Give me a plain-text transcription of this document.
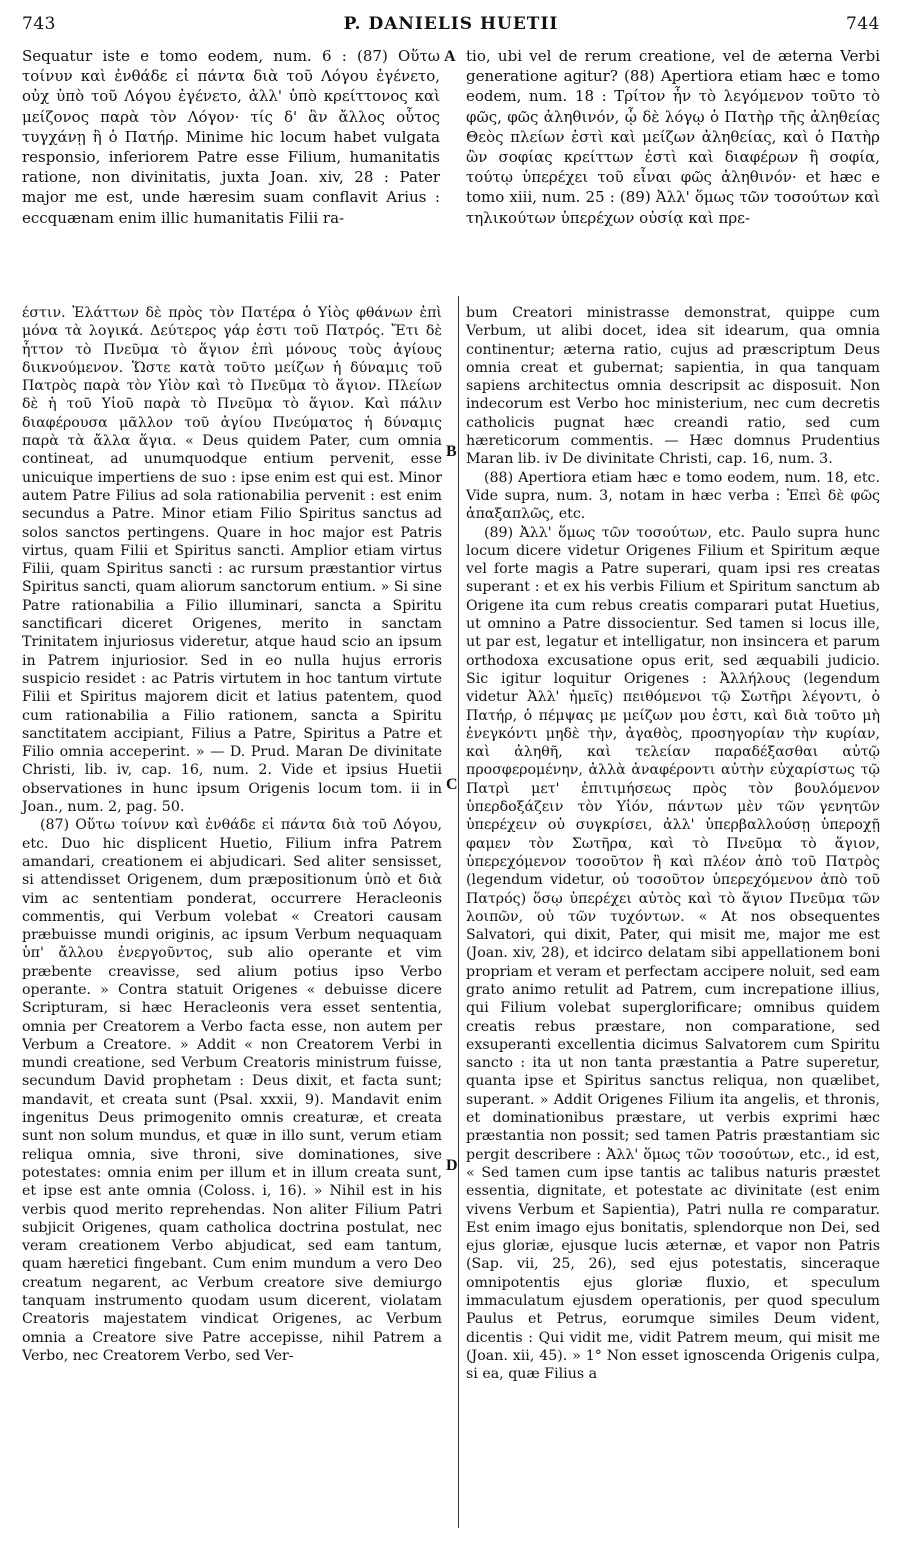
743	P. DANIELIS HUETII	744

Sequatur iste e tomo eodem, num. 6 : (87) Οὕτω τοίνυν καὶ ἐνθάδε εἰ πάντα διὰ τοῦ Λόγου ἐγένετο, οὐχ ὑπὸ τοῦ Λόγου ἐγένετο, ἀλλ' ὑπὸ κρείττονος καὶ μείζονος παρὰ τὸν Λόγον· τίς δ' ἂν ἄλλος οὗτος τυγχάνῃ ἢ ὁ Πατήρ. Minime hic locum habet vulgata responsio, inferiorem Patre esse Filium, humanitatis ratione, non divinitatis, juxta Joan. xiv, 28 : Pater major me est, unde hæresim suam conflavit Arius : eccquænam enim illic humanitatis Filii ra-

A tio, ubi vel de rerum creatione, vel de æterna Verbi generatione agitur? (88) Apertiora etiam hæc e tomo eodem, num. 18 : Τρίτον ἦν τὸ λεγόμενον τοῦτο τὸ φῶς, φῶς ἀληθινόν, ᾧ δὲ λόγῳ ὁ Πατὴρ τῆς ἀληθείας Θεὸς πλείων ἐστὶ καὶ μείζων ἀληθείας, καὶ ὁ Πατὴρ ὢν σοφίας κρείττων ἐστὶ καὶ διαφέρων ἢ σοφία, τούτῳ ὑπερέχει τοῦ εἶναι φῶς ἀληθινόν· et hæc e tomo xiii, num. 25 : (89) Ἀλλ' ὅμως τῶν τοσούτων καὶ τηλικούτων ὑπερέχων οὐσίᾳ καὶ πρε-

έστιν. Ἐλάττων δὲ πρὸς τὸν Πατέρα ὁ Υἱὸς φθάνων ἐπὶ μόνα τὰ λογικά. Δεύτερος γάρ ἐστι τοῦ Πατρός. Ἔτι δὲ ἧττον τὸ Πνεῦμα τὸ ἅγιον ἐπὶ μόνους τοὺς ἁγίους διικνούμενον. Ὥστε κατὰ τοῦτο μείζων ἡ δύναμις τοῦ Πατρὸς παρὰ τὸν Υἱὸν καὶ τὸ Πνεῦμα τὸ ἅγιον. Πλείων δὲ ἡ τοῦ Υἱοῦ παρὰ τὸ Πνεῦμα τὸ ἅγιον. Καὶ πάλιν διαφέρουσα μᾶλλον τοῦ ἁγίου Πνεύματος ἡ δύναμις παρὰ τὰ ἄλλα ἅγια. « Deus quidem Pater, cum omnia contineat, ad unumquodque entium pervenit, esse unicuique impertiens de suo : ipse enim est qui est. Minor autem Patre Filius ad sola rationabilia pervenit : est enim secundus a Patre. Minor etiam Filio Spiritus sanctus ad solos sanctos pertingens. Quare in hoc major est Patris virtus, quam Filii et Spiritus sancti. Amplior etiam virtus Filii, quam Spiritus sancti : ac rursum præstantior virtus Spiritus sancti, quam aliorum sanctorum entium. » Si sine Patre rationabilia a Filio illuminari, sancta a Spiritu sanctificari diceret Origenes, merito in sanctam Trinitatem injuriosus videretur, atque haud scio an ipsum in Patrem injuriosior. Sed in eo nulla hujus erroris suspicio residet : ac Patris virtutem in hoc tantum virtute Filii et Spiritus majorem dicit et latius patentem, quod cum rationabilia a Filio rationem, sancta a Spiritu sanctitatem accipiant, Filius a Patre, Spiritus a Patre et Filio omnia acceperint. » — D. Prud. Maran De divinitate Christi, lib. iv, cap. 16, num. 2. Vide et ipsius Huetii observationes in hunc ipsum Origenis locum tom. ii in Joan., num. 2, pag. 50.

(87) Οὕτω τοίνυν καὶ ἐνθάδε εἰ πάντα διὰ τοῦ Λόγου, etc. Duo hic displicent Huetio, Filium infra Patrem amandari, creationem ei abjudicari. Sed aliter sensisset, si attendisset Origenem, dum præpositionum ὑπὸ et διὰ vim ac sententiam ponderat, occurrere Heracleonis commentis, qui Verbum volebat « Creatori causam præbuisse mundi originis, ac ipsum Verbum nequaquam ὑπ' ἄλλου ἐνεργοῦντος, sub alio operante et vim præbente creavisse, sed alium potius ipso Verbo operante. » Contra statuit Origenes « debuisse dicere Scripturam, si hæc Heracleonis vera esset sententia, omnia per Creatorem a Verbo facta esse, non autem per Verbum a Creatore. » Addit « non Creatorem Verbi in mundi creatione, sed Verbum Creatoris ministrum fuisse, secundum David prophetam : Deus dixit, et facta sunt; mandavit, et creata sunt (Psal. xxxii, 9). Mandavit enim ingenitus Deus primogenito omnis creaturæ, et creata sunt non solum mundus, et quæ in illo sunt, verum etiam reliqua omnia, sive throni, sive dominationes, sive potestates: omnia enim per illum et in illum creata sunt, et ipse est ante omnia (Coloss. i, 16). » Nihil est in his verbis quod merito reprehendas. Non aliter Filium Patri subjicit Origenes, quam catholica doctrina postulat, nec veram creationem Verbo abjudicat, sed eam tantum, quam hæretici fingebant. Cum enim mundum a vero Deo creatum negarent, ac Verbum creatore sive demiurgo tanquam instrumento quodam usum dicerent, violatam Creatoris majestatem vindicat Origenes, ac Verbum omnia a Creatore sive Patre accepisse, nihil Patrem a Verbo, nec Creatorem Verbo, sed Ver-

B
C
D

bum Creatori ministrasse demonstrat, quippe cum Verbum, ut alibi docet, idea sit idearum, qua omnia continentur; æterna ratio, cujus ad præscriptum Deus omnia creat et gubernat; sapientia, in qua tanquam sapiens architectus omnia descripsit ac disposuit. Non indecorum est Verbo hoc ministerium, nec cum decretis catholicis pugnat hæc creandi ratio, sed cum hæreticorum commentis. — Hæc domnus Prudentius Maran lib. iv De divinitate Christi, cap. 16, num. 3.

(88) Apertiora etiam hæc e tomo eodem, num. 18, etc. Vide supra, num. 3, notam in hæc verba : Ἐπεὶ δὲ φῶς ἁπαξαπλῶς, etc.

(89) Ἀλλ' ὅμως τῶν τοσούτων, etc. Paulo supra hunc locum dicere videtur Origenes Filium et Spiritum æque vel forte magis a Patre superari, quam ipsi res creatas superant : et ex his verbis Filium et Spiritum sanctum ab Origene ita cum rebus creatis comparari putat Huetius, ut omnino a Patre dissocientur. Sed tamen si locus ille, ut par est, legatur et intelligatur, non insincera et parum orthodoxa excusatione opus erit, sed æquabili judicio. Sic igitur loquitur Origenes : Ἀλλήλους (legendum videtur Ἀλλ' ἡμεῖς) πειθόμενοι τῷ Σωτῆρι λέγοντι, ὁ Πατήρ, ὁ πέμψας με μείζων μου ἐστι, καὶ διὰ τοῦτο μὴ ἐνεγκόντι μηδὲ τὴν, ἀγαθὸς, προσηγορίαν τὴν κυρίαν, καὶ ἀληθῆ, καὶ τελείαν παραδέξασθαι αὐτῷ προσφερομένην, ἀλλὰ ἀναφέροντι αὐτὴν εὐχαρίστως τῷ Πατρὶ μετ' ἐπιτιμήσεως πρὸς τὸν βουλόμενον ὑπερδοξάζειν τὸν Υἱόν, πάντων μὲν τῶν γενητῶν ὑπερέχειν οὐ συγκρίσει, ἀλλ' ὑπερβαλλούσῃ ὑπεροχῇ φαμεν τὸν Σωτῆρα, καὶ τὸ Πνεῦμα τὸ ἅγιον, ὑπερεχόμενον τοσοῦτον ἢ καὶ πλέον ἀπὸ τοῦ Πατρὸς (legendum videtur, οὐ τοσοῦτον ὑπερεχόμενον ἀπὸ τοῦ Πατρός) ὅσῳ ὑπερέχει αὐτὸς καὶ τὸ ἅγιον Πνεῦμα τῶν λοιπῶν, οὐ τῶν τυχόντων. « At nos obsequentes Salvatori, qui dixit, Pater, qui misit me, major me est (Joan. xiv, 28), et idcirco delatam sibi appellationem boni propriam et veram et perfectam accipere noluit, sed eam grato animo retulit ad Patrem, cum increpatione illius, qui Filium volebat superglorificare; omnibus quidem creatis rebus præstare, non comparatione, sed exsuperanti excellentia dicimus Salvatorem cum Spiritu sancto : ita ut non tanta præstantia a Patre superetur, quanta ipse et Spiritus sanctus reliqua, non quælibet, superant. » Addit Origenes Filium ita angelis, et thronis, et dominationibus præstare, ut verbis exprimi hæc præstantia non possit; sed tamen Patris præstantiam sic pergit describere : Ἀλλ' ὅμως τῶν τοσούτων, etc., id est, « Sed tamen cum ipse tantis ac talibus naturis præstet essentia, dignitate, et potestate ac divinitate (est enim vivens Verbum et Sapientia), Patri nulla re comparatur. Est enim imago ejus bonitatis, splendorque non Dei, sed ejus gloriæ, ejusque lucis æternæ, et vapor non Patris (Sap. vii, 25, 26), sed ejus potestatis, sinceraque omnipotentis ejus gloriæ fluxio, et speculum immaculatum ejusdem operationis, per quod speculum Paulus et Petrus, eorumque similes Deum vident, dicentis : Qui vidit me, vidit Patrem meum, qui misit me (Joan. xii, 45). » 1° Non esset ignoscenda Origenis culpa, si ea, quæ Filius a
